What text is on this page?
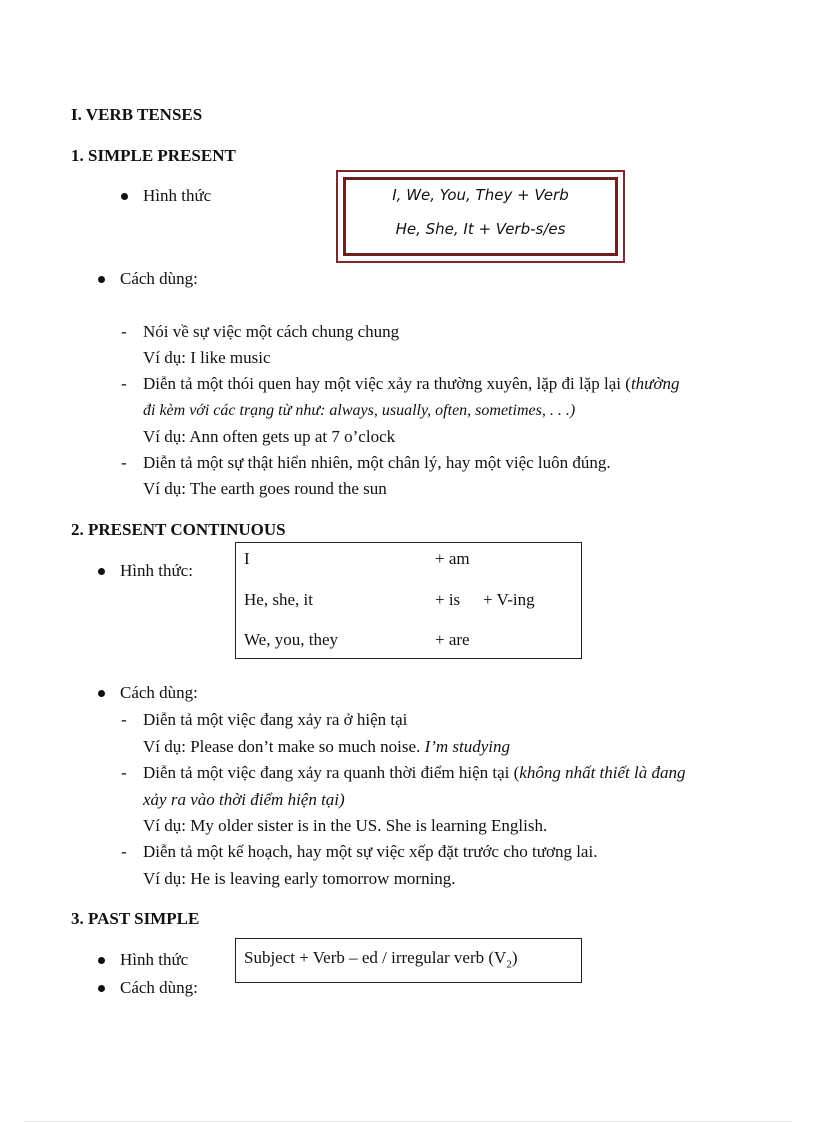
I. VERB TENSES
1. SIMPLE PRESENT
Hình thức	I, We, You, They + Verb
He, She, It + Verb-s/es
Cách dùng:
- Nói về sự việc một cách chung chung
Ví dụ: I like music
- Diễn tả một thói quen hay một việc xảy ra thường xuyên, lặp đi lặp lại (thường
đi kèm với các trạng từ như: always, usually, often, sometimes, . . .)
Ví dụ: Ann often gets up at 7 o’clock
- Diễn tả một sự thật hiển nhiên, một chân lý, hay một việc luôn đúng.
Ví dụ: The earth goes round the sun
2. PRESENT CONTINUOUS
Hình thức:
I	+ am
He, she, it	+ is + V-ing
We, you, they	+ are
Cách dùng:
- Diễn tả một việc đang xảy ra ở hiện tại
Ví dụ: Please don’t make so much noise. I’m studying
- Diễn tả một việc đang xảy ra quanh thời điểm hiện tại (không nhất thiết là đang
xảy ra vào thời điểm hiện tại)
Ví dụ: My older sister is in the US. She is learning English.
- Diễn tả một kế hoạch, hay một sự việc xếp đặt trước cho tương lai.
Ví dụ: He is leaving early tomorrow morning.
3. PAST SIMPLE
Hình thức	Subject + Verb – ed / irregular verb $(V_2)$
Cách dùng:
